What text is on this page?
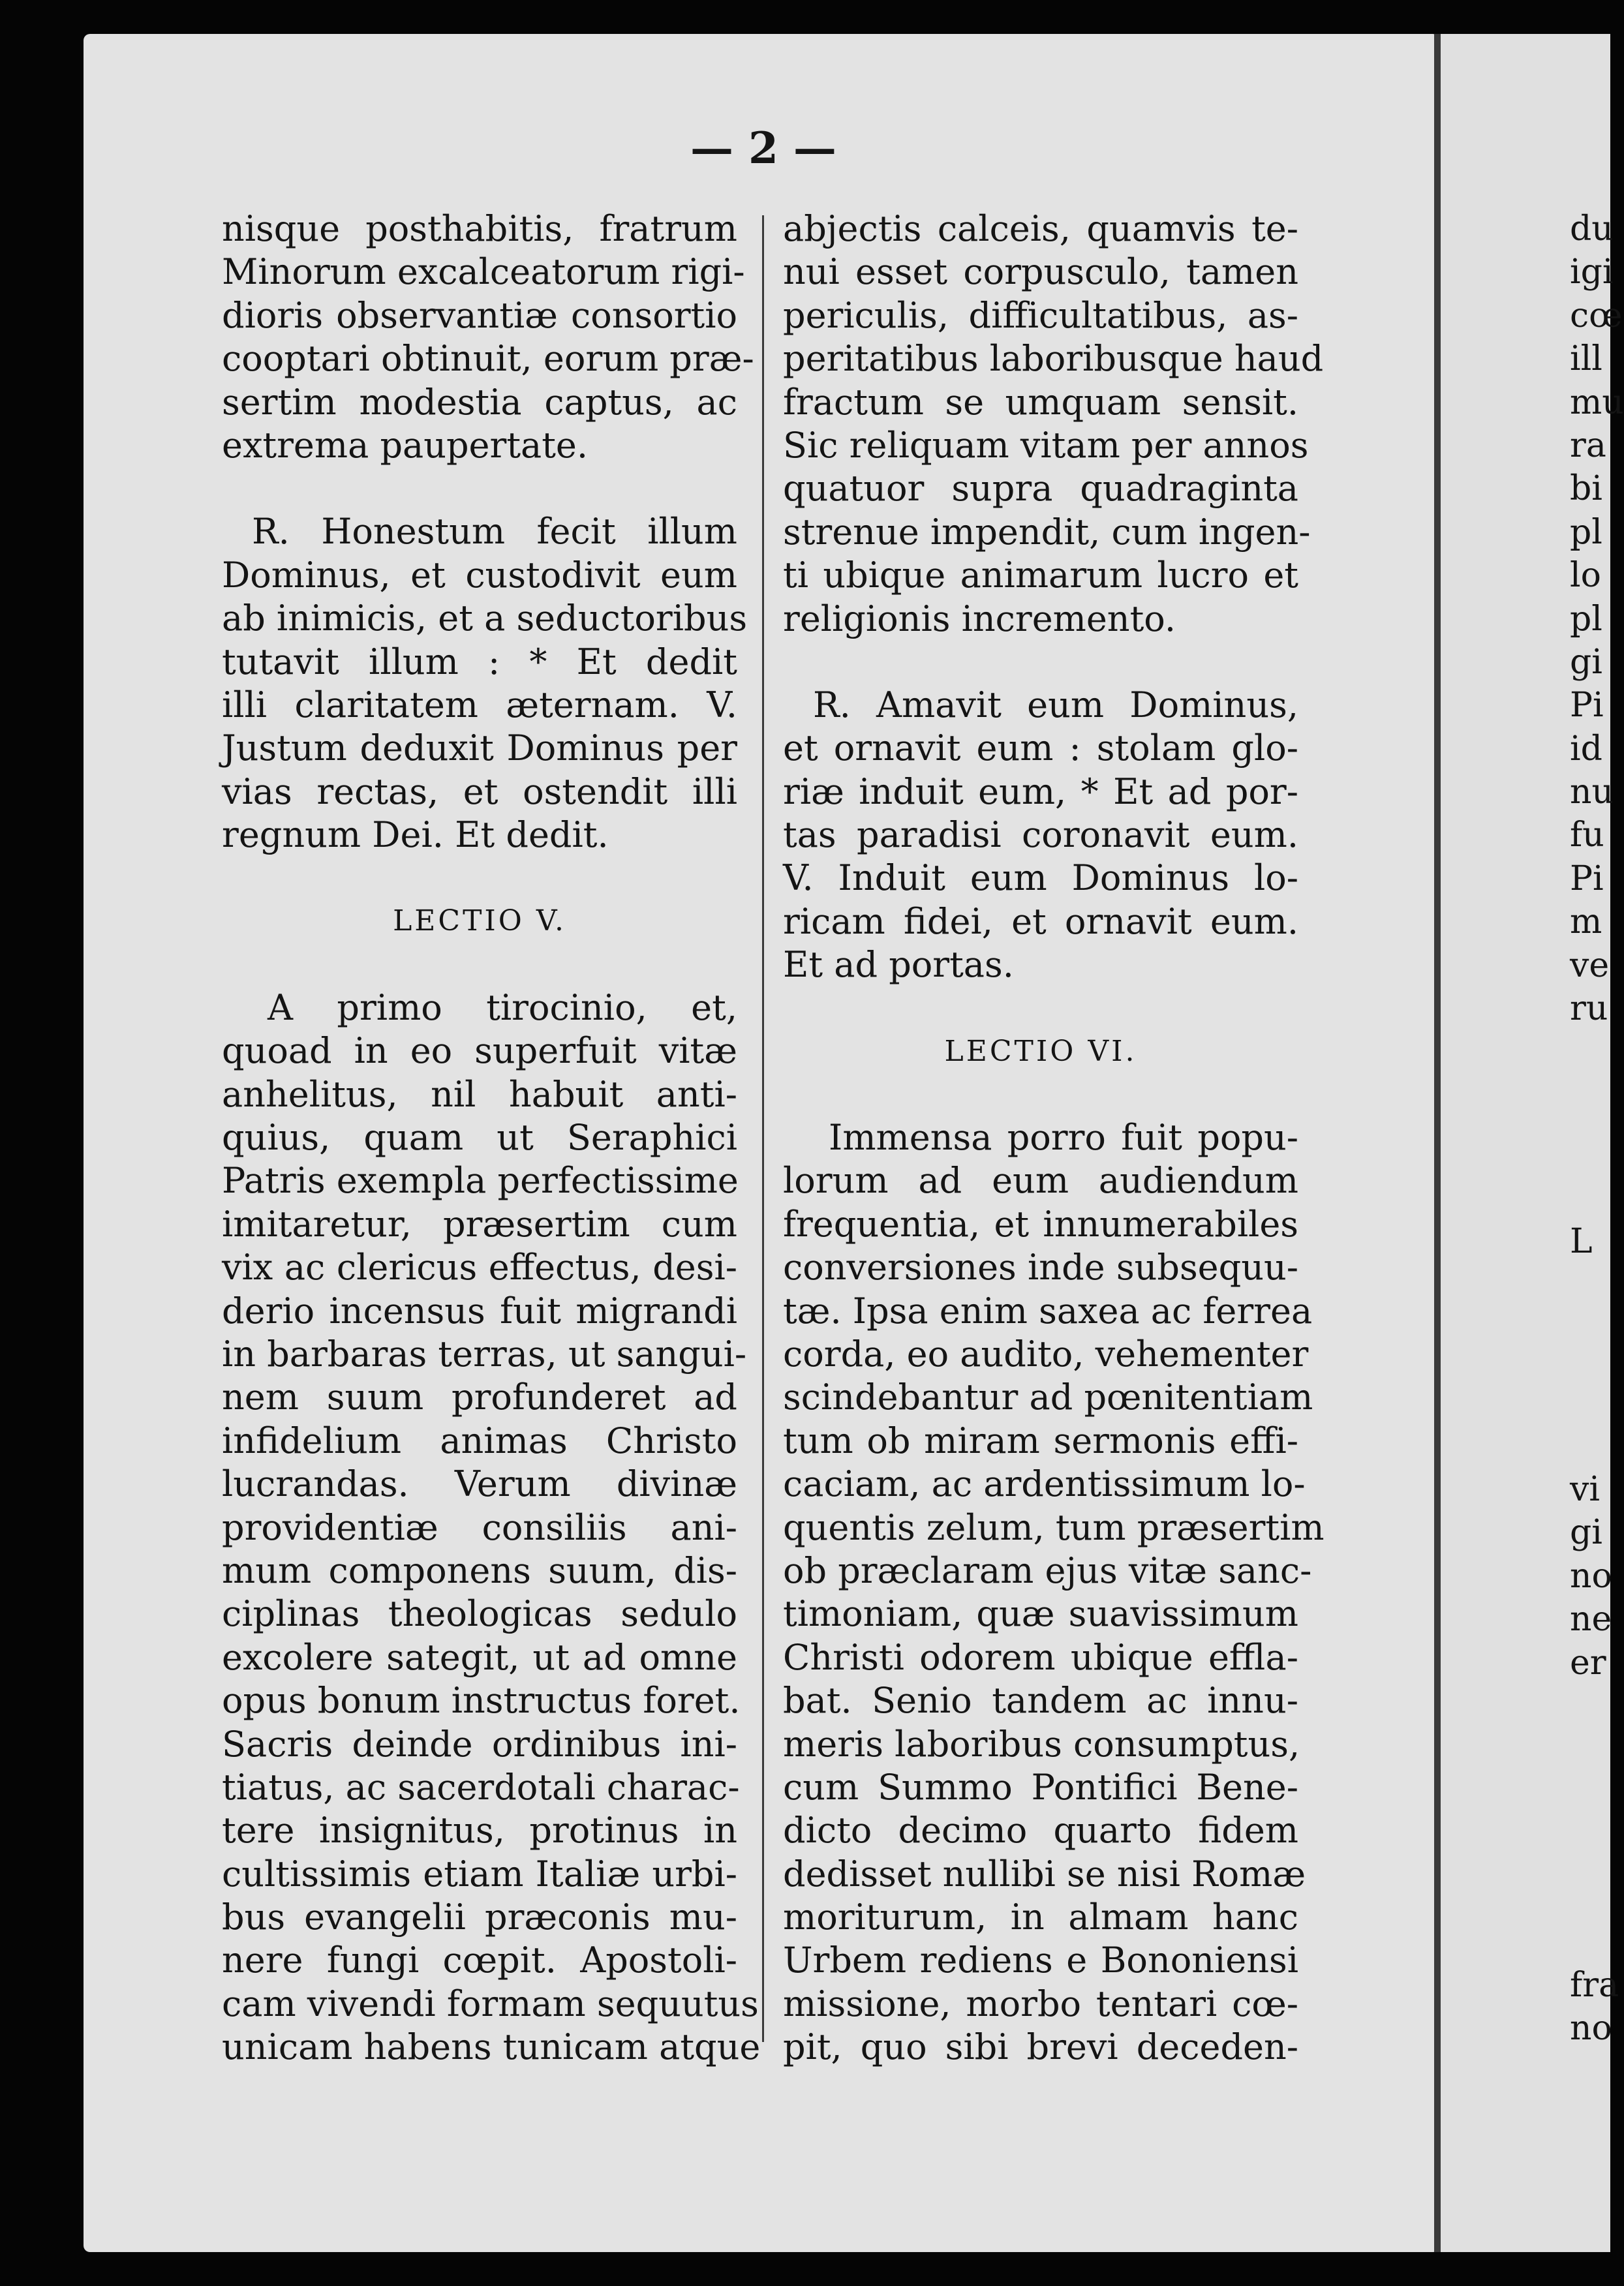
— 2 —
nisque posthabitis, fratrum
Minorum excalceatorum rigi-
dioris observantiæ consortio
cooptari obtinuit, eorum præ-
sertim modestia captus, ac
extrema paupertate.
R. Honestum fecit illum
Dominus, et custodivit eum
ab inimicis, et a seductoribus
tutavit illum : * Et dedit
illi claritatem æternam. V.
Justum deduxit Dominus per
vias rectas, et ostendit illi
regnum Dei. Et dedit.
LECTIO V.
A primo tirocinio, et,
quoad in eo superfuit vitæ
anhelitus, nil habuit anti-
quius, quam ut Seraphici
Patris exempla perfectissime
imitaretur, præsertim cum
vix ac clericus effectus, desi-
derio incensus fuit migrandi
in barbaras terras, ut sangui-
nem suum profunderet ad
infidelium animas Christo
lucrandas. Verum divinæ
providentiæ consiliis ani-
mum componens suum, dis-
ciplinas theologicas sedulo
excolere sategit, ut ad omne
opus bonum instructus foret.
Sacris deinde ordinibus ini-
tiatus, ac sacerdotali charac-
tere insignitus, protinus in
cultissimis etiam Italiæ urbi-
bus evangelii præconis mu-
nere fungi cœpit. Apostoli-
cam vivendi formam sequutus
unicam habens tunicam atque
abjectis calceis, quamvis te-
nui esset corpusculo, tamen
periculis, difficultatibus, as-
peritatibus laboribusque haud
fractum se umquam sensit.
Sic reliquam vitam per annos
quatuor supra quadraginta
strenue impendit, cum ingen-
ti ubique animarum lucro et
religionis incremento.
R. Amavit eum Dominus,
et ornavit eum : stolam glo-
riæ induit eum, * Et ad por-
tas paradisi coronavit eum.
V. Induit eum Dominus lo-
ricam fidei, et ornavit eum.
Et ad portas.
LECTIO VI.
Immensa porro fuit popu-
lorum ad eum audiendum
frequentia, et innumerabiles
conversiones inde subsequu-
tæ. Ipsa enim saxea ac ferrea
corda, eo audito, vehementer
scindebantur ad pœnitentiam
tum ob miram sermonis effi-
caciam, ac ardentissimum lo-
quentis zelum, tum præsertim
ob præclaram ejus vitæ sanc-
timoniam, quæ suavissimum
Christi odorem ubique effla-
bat. Senio tandem ac innu-
meris laboribus consumptus,
cum Summo Pontifici Bene-
dicto decimo quarto fidem
dedisset nullibi se nisi Romæ
moriturum, in almam hanc
Urbem rediens e Bononiensi
missione, morbo tentari cœ-
pit, quo sibi brevi deceden-
du
igi
cœ
ill
mu
ra
bi
pl
lo
pl
gi
Pi
id
nu
fu
Pi
m
ve
ru
L
vi
gi
no
ne
er
fra
no
